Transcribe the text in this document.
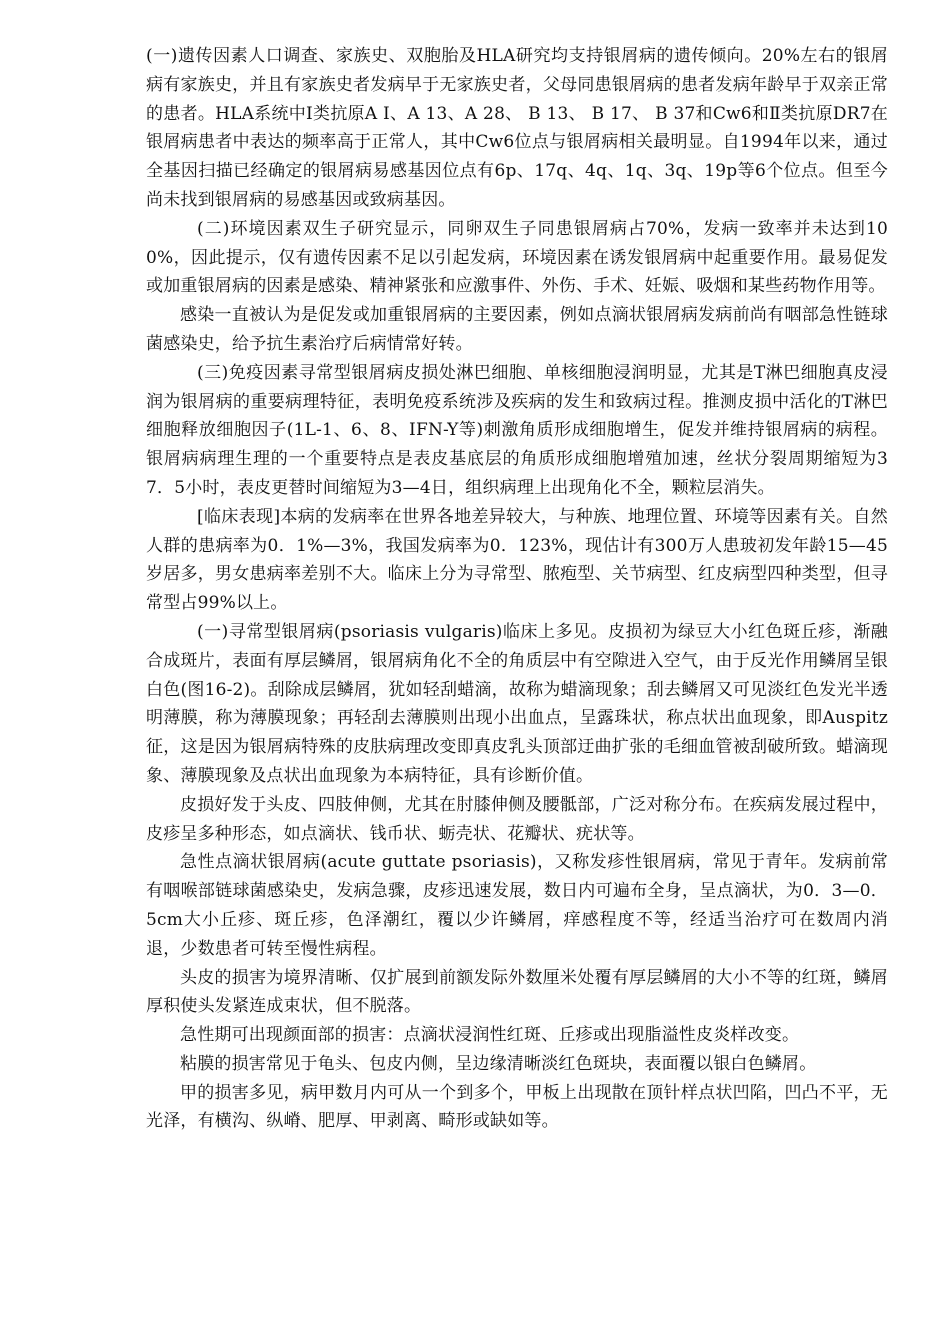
(一)遗传因素人口调查、家族史、双胞胎及HLA研究均支持银屑病的遗传倾向。20%左右的银屑病有家族史，并且有家族史者发病早于无家族史者，父母同患银屑病的患者发病年龄早于双亲正常的患者。HLA系统中Ⅰ类抗原A Ⅰ、A 13、A 28、 B 13、 B 17、 B 37和Cw6和Ⅱ类抗原DR7在银屑病患者中表达的频率高于正常人，其中Cw6位点与银屑病相关最明显。自1994年以来，通过全基因扫描已经确定的银屑病易感基因位点有6p、17q、4q、1q、3q、19p等6个位点。但至今尚未找到银屑病的易感基因或致病基因。

(二)环境因素双生子研究显示，同卵双生子同患银屑病占70%，发病一致率并未达到100%，因此提示，仅有遗传因素不足以引起发病，环境因素在诱发银屑病中起重要作用。最易促发或加重银屑病的因素是感染、精神紧张和应激事件、外伤、手术、妊娠、吸烟和某些药物作用等。

感染一直被认为是促发或加重银屑病的主要因素，例如点滴状银屑病发病前尚有咽部急性链球菌感染史，给予抗生素治疗后病情常好转。

(三)免疫因素寻常型银屑病皮损处淋巴细胞、单核细胞浸润明显，尤其是T淋巴细胞真皮浸润为银屑病的重要病理特征，表明免疫系统涉及疾病的发生和致病过程。推测皮损中活化的T淋巴细胞释放细胞因子(1L-1、6、8、IFN-Y等)刺激角质形成细胞增生，促发并维持银屑病的病程。银屑病病理生理的一个重要特点是表皮基底层的角质形成细胞增殖加速，丝状分裂周期缩短为37．5小时，表皮更替时间缩短为3—4日，组织病理上出现角化不全，颗粒层消失。

[临床表现]本病的发病率在世界各地差异较大，与种族、地理位置、环境等因素有关。自然人群的患病率为0．1%—3%，我国发病率为0．123%，现估计有300万人患玻初发年龄15—45岁居多，男女患病率差别不大。临床上分为寻常型、脓疱型、关节病型、红皮病型四种类型，但寻常型占99%以上。

(一)寻常型银屑病(psoriasis vulgaris)临床上多见。皮损初为绿豆大小红色斑丘疹，渐融合成斑片，表面有厚层鳞屑，银屑病角化不全的角质层中有空隙进入空气，由于反光作用鳞屑呈银白色(图16-2)。刮除成层鳞屑，犹如轻刮蜡滴，故称为蜡滴现象；刮去鳞屑又可见淡红色发光半透明薄膜，称为薄膜现象；再轻刮去薄膜则出现小出血点，呈露珠状，称点状出血现象，即Auspitz征，这是因为银屑病特殊的皮肤病理改变即真皮乳头顶部迂曲扩张的毛细血管被刮破所致。蜡滴现象、薄膜现象及点状出血现象为本病特征，具有诊断价值。

皮损好发于头皮、四肢伸侧，尤其在肘膝伸侧及腰骶部，广泛对称分布。在疾病发展过程中，皮疹呈多种形态，如点滴状、钱币状、蛎壳状、花瓣状、疣状等。

急性点滴状银屑病(acute guttate psoriasis)，又称发疹性银屑病，常见于青年。发病前常有咽喉部链球菌感染史，发病急骤，皮疹迅速发展，数日内可遍布全身，呈点滴状，为0．3—0．5cm大小丘疹、斑丘疹，色泽潮红，覆以少许鳞屑，痒感程度不等，经适当治疗可在数周内消退，少数患者可转至慢性病程。

头皮的损害为境界清晰、仅扩展到前额发际外数厘米处覆有厚层鳞屑的大小不等的红斑，鳞屑厚积使头发紧连成束状，但不脱落。

急性期可出现颜面部的损害：点滴状浸润性红斑、丘疹或出现脂溢性皮炎样改变。

粘膜的损害常见于龟头、包皮内侧，呈边缘清晰淡红色斑块，表面覆以银白色鳞屑。

甲的损害多见，病甲数月内可从一个到多个，甲板上出现散在顶针样点状凹陷，凹凸不平，无光泽，有横沟、纵嵴、肥厚、甲剥离、畸形或缺如等。
